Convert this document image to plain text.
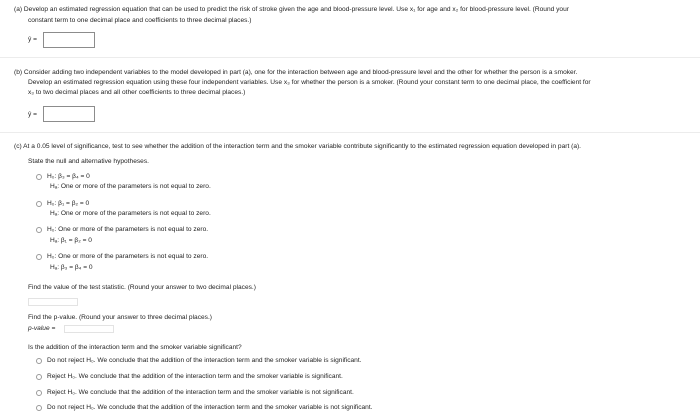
(a) Develop an estimated regression equation that can be used to predict the risk of stroke given the age and blood-pressure level. Use x₁ for age and x₂ for blood-pressure level. (Round your
constant term to one decimal place and coefficients to three decimal places.)
ŷ =
(b) Consider adding two independent variables to the model developed in part (a), one for the interaction between age and blood-pressure level and the other for whether the person is a smoker.
Develop an estimated regression equation using these four independent variables. Use x₃ for whether the person is a smoker. (Round your constant term to one decimal place, the coefficient for
x₃ to two decimal places and all other coefficients to three decimal places.)
ŷ =
(c) At a 0.05 level of significance, test to see whether the addition of the interaction term and the smoker variable contribute significantly to the estimated regression equation developed in part (a).
State the null and alternative hypotheses.
H₀: β₃ = β₄ = 0
Hₐ: One or more of the parameters is not equal to zero.
H₀: β₁ = β₂ = 0
Hₐ: One or more of the parameters is not equal to zero.
H₀: One or more of the parameters is not equal to zero.
Hₐ: β₁ = β₂ = 0
H₀: One or more of the parameters is not equal to zero.
Hₐ: β₃ = β₄ = 0
Find the value of the test statistic. (Round your answer to two decimal places.)
Find the p-value. (Round your answer to three decimal places.)
p-value =
Is the addition of the interaction term and the smoker variable significant?
Do not reject H₀. We conclude that the addition of the interaction term and the smoker variable is significant.
Reject H₀. We conclude that the addition of the interaction term and the smoker variable is significant.
Reject H₀. We conclude that the addition of the interaction term and the smoker variable is not significant.
Do not reject H₀. We conclude that the addition of the interaction term and the smoker variable is not significant.
